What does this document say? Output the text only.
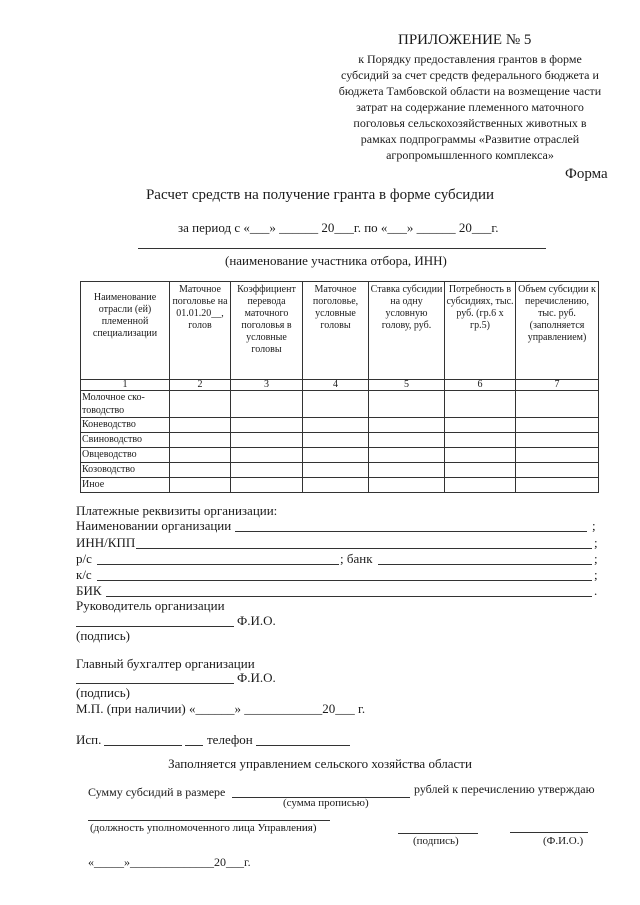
ПРИЛОЖЕНИЕ № 5
к Порядку предоставления грантов в форме субсидий за счет средств федерального бюджета и бюджета Тамбовской области на возмещение части затрат на содержание племенного маточного поголовья сельскохозяйственных животных в рамках подпрограммы «Развитие отраслей агропромышленного комплекса»
Форма
Расчет средств на получение гранта в форме субсидии
за период с «___» ______ 20___г. по «___» ______ 20___г.
(наименование участника отбора, ИНН)
Наименование отрасли (ей) племенной специализации	Маточное поголовье на 01.01.20__, голов	Коэффициент перевода маточного поголовья в условные головы	Маточное поголовье, условные головы	Ставка субсидии на одну условную голову, руб.	Потребность в субсидиях, тыс. руб. (гр.6 х гр.5)	Объем субсидии к перечислению, тыс. руб. (заполняется управлением)
1	2	3	4	5	6	7
Молочное ско-товодство						
Коневодство						
Свиноводство						
Овцеводство						
Козоводство						
Иное						
Платежные реквизиты организации:
Наименовании организации	;
ИНН/КПП	;
р/с	; банк	;
к/с	;
БИК	.
Руководитель организации
Ф.И.О.
(подпись)
Главный бухгалтер организации
Ф.И.О.
(подпись)
М.П. (при наличии) «______» ____________20___ г.
Исп.	телефон
Заполняется управлением сельского хозяйства области
Сумму субсидий в размере	рублей к перечислению утверждаю
(сумма прописью)
(должность уполномоченного лица Управления)
(подпись)	(Ф.И.О.)
«_____»______________20___г.
